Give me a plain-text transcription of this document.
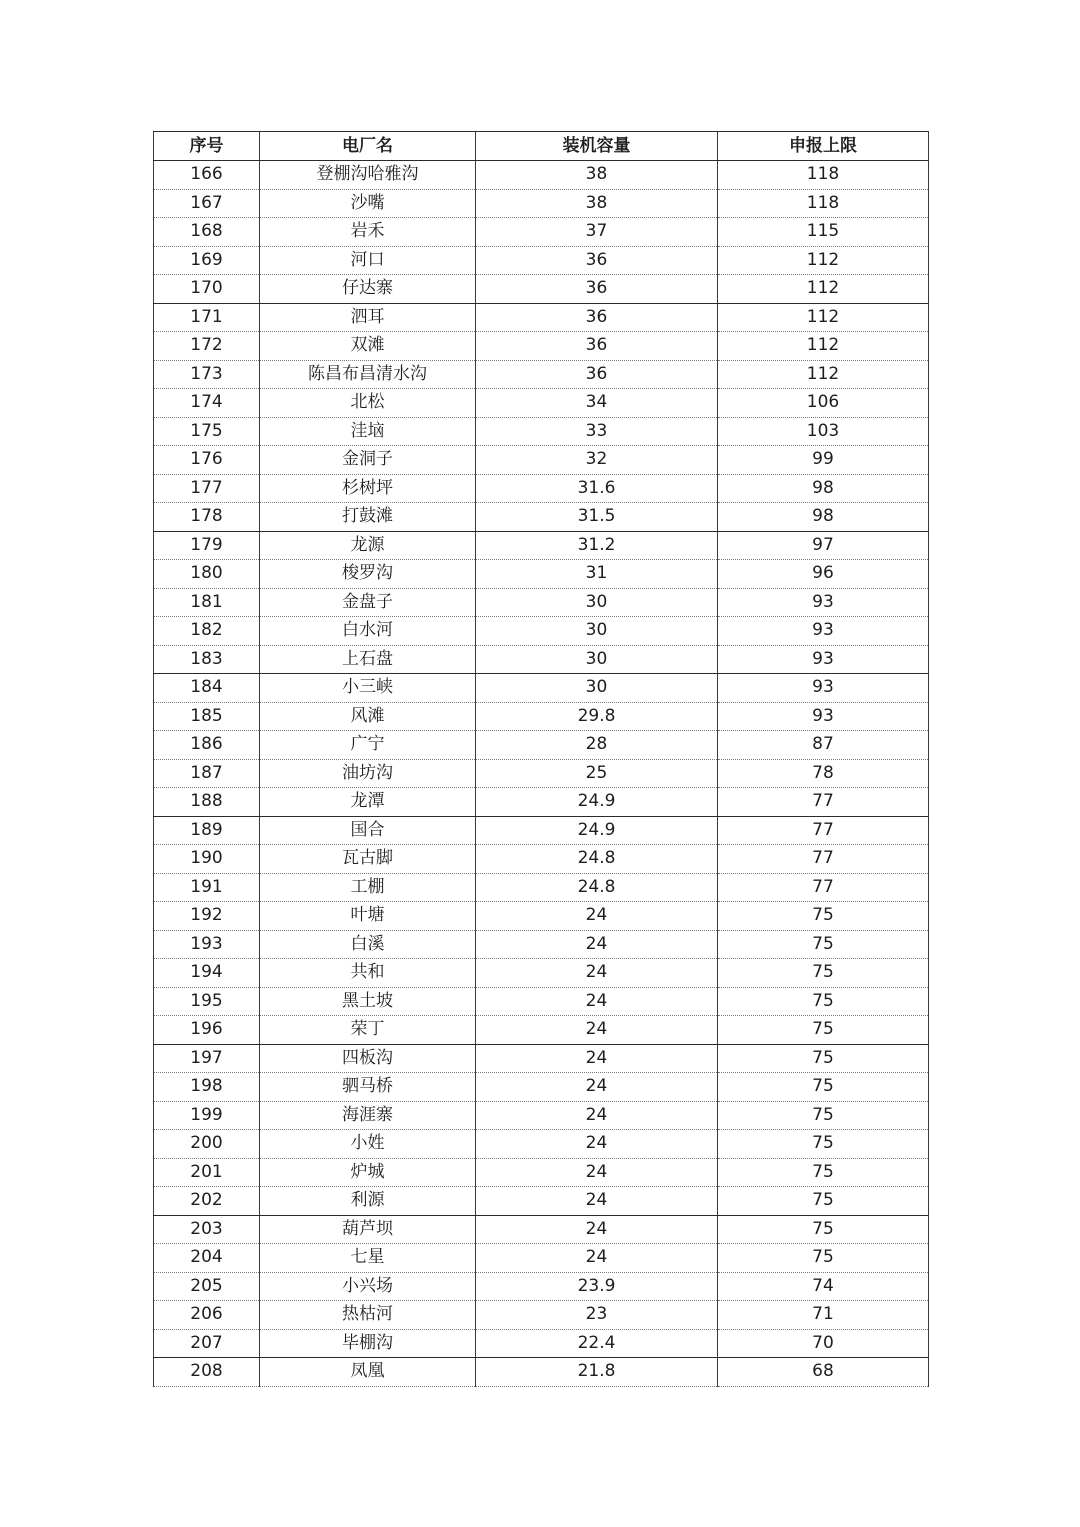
序号	电厂名	装机容量	申报上限
166	登棚沟哈雅沟	38	118
167	沙嘴	38	118
168	岩禾	37	115
169	河口	36	112
170	仔达寨	36	112
171	泗耳	36	112
172	双滩	36	112
173	陈昌布昌清水沟	36	112
174	北松	34	106
175	洼垴	33	103
176	金洞子	32	99
177	杉树坪	31.6	98
178	打鼓滩	31.5	98
179	龙源	31.2	97
180	梭罗沟	31	96
181	金盘子	30	93
182	白水河	30	93
183	上石盘	30	93
184	小三峡	30	93
185	风滩	29.8	93
186	广宁	28	87
187	油坊沟	25	78
188	龙潭	24.9	77
189	国合	24.9	77
190	瓦古脚	24.8	77
191	工棚	24.8	77
192	叶塘	24	75
193	白溪	24	75
194	共和	24	75
195	黑土坡	24	75
196	荣丁	24	75
197	四板沟	24	75
198	驷马桥	24	75
199	海涯寨	24	75
200	小姓	24	75
201	炉城	24	75
202	利源	24	75
203	葫芦坝	24	75
204	七星	24	75
205	小兴场	23.9	74
206	热枯河	23	71
207	毕棚沟	22.4	70
208	凤凰	21.8	68
